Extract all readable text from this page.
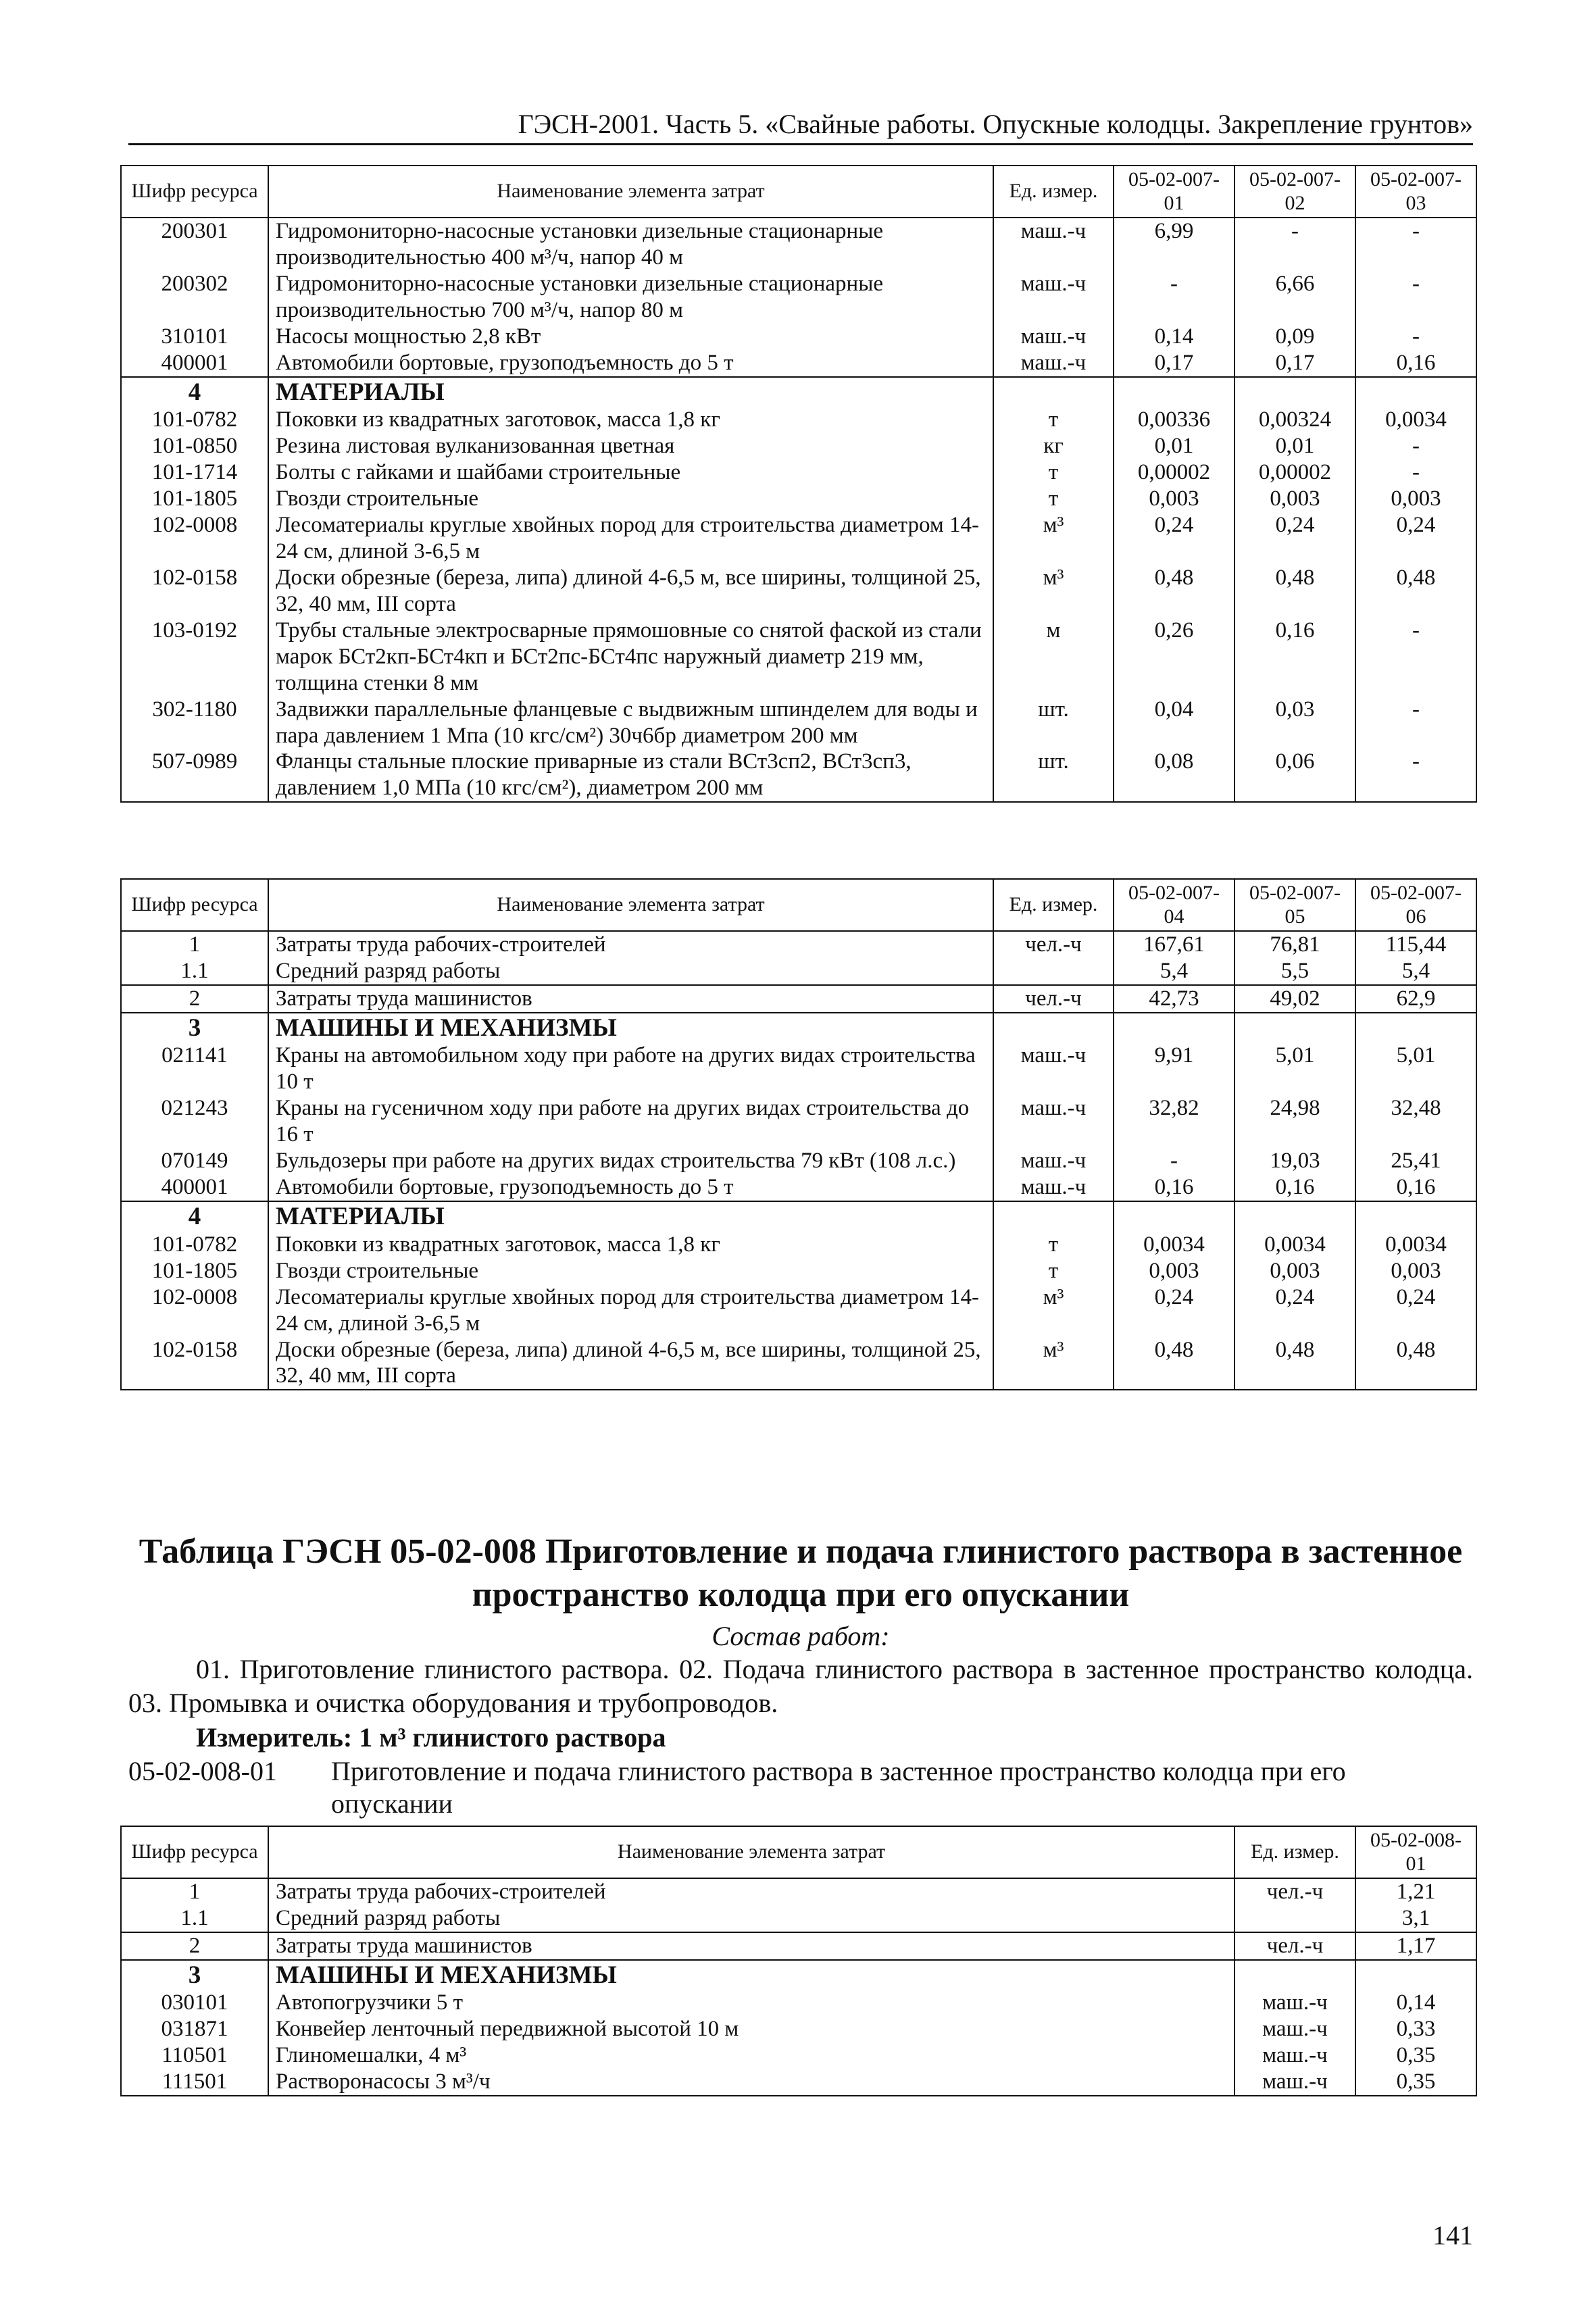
ГЭСН-2001. Часть 5. «Свайные работы. Опускные колодцы. Закрепление грунтов»
Шифр ресурса	Наименование элемента затрат	Ед. измер.	05-02-007-01	05-02-007-02	05-02-007-03
200301	Гидромониторно-насосные установки дизельные стационарные производительностью 400 м³/ч, напор 40 м	маш.-ч	6,99	-	-
200302	Гидромониторно-насосные установки дизельные стационарные производительностью 700 м³/ч, напор 80 м	маш.-ч	-	6,66	-
310101	Насосы мощностью 2,8 кВт	маш.-ч	0,14	0,09	-
400001	Автомобили бортовые, грузоподъемность до 5 т	маш.-ч	0,17	0,17	0,16
4	МАТЕРИАЛЫ				
101-0782	Поковки из квадратных заготовок, масса 1,8 кг	т	0,00336	0,00324	0,0034
101-0850	Резина листовая вулканизованная цветная	кг	0,01	0,01	-
101-1714	Болты с гайками и шайбами строительные	т	0,00002	0,00002	-
101-1805	Гвозди строительные	т	0,003	0,003	0,003
102-0008	Лесоматериалы круглые хвойных пород для строительства диаметром 14-24 см, длиной 3-6,5 м	м³	0,24	0,24	0,24
102-0158	Доски обрезные (береза, липа) длиной 4-6,5 м, все ширины, толщиной 25, 32, 40 мм, III сорта	м³	0,48	0,48	0,48
103-0192	Трубы стальные электросварные прямошовные со снятой фаской из стали марок БСт2кп-БСт4кп и БСт2пс-БСт4пс наружный диаметр 219 мм, толщина стенки 8 мм	м	0,26	0,16	-
302-1180	Задвижки параллельные фланцевые с выдвижным шпинделем для воды и пара давлением 1 Мпа (10 кгс/см²) 30ч6бр диаметром 200 мм	шт.	0,04	0,03	-
507-0989	Фланцы стальные плоские приварные из стали ВСт3сп2, ВСт3сп3, давлением 1,0 МПа (10 кгс/см²), диаметром 200 мм	шт.	0,08	0,06	-
Шифр ресурса	Наименование элемента затрат	Ед. измер.	05-02-007-04	05-02-007-05	05-02-007-06
1	Затраты труда рабочих-строителей	чел.-ч	167,61	76,81	115,44
1.1	Средний разряд работы		5,4	5,5	5,4
2	Затраты труда машинистов	чел.-ч	42,73	49,02	62,9
3	МАШИНЫ И МЕХАНИЗМЫ				
021141	Краны на автомобильном ходу при работе на других видах строительства 10 т	маш.-ч	9,91	5,01	5,01
021243	Краны на гусеничном ходу при работе на других видах строительства до 16 т	маш.-ч	32,82	24,98	32,48
070149	Бульдозеры при работе на других видах строительства 79 кВт (108 л.с.)	маш.-ч	-	19,03	25,41
400001	Автомобили бортовые, грузоподъемность до 5 т	маш.-ч	0,16	0,16	0,16
4	МАТЕРИАЛЫ				
101-0782	Поковки из квадратных заготовок, масса 1,8 кг	т	0,0034	0,0034	0,0034
101-1805	Гвозди строительные	т	0,003	0,003	0,003
102-0008	Лесоматериалы круглые хвойных пород для строительства диаметром 14-24 см, длиной 3-6,5 м	м³	0,24	0,24	0,24
102-0158	Доски обрезные (береза, липа) длиной 4-6,5 м, все ширины, толщиной 25, 32, 40 мм, III сорта	м³	0,48	0,48	0,48
Таблица ГЭСН 05-02-008 Приготовление и подача глинистого раствора в застенное пространство колодца при его опускании
Состав работ:
01. Приготовление глинистого раствора. 02. Подача глинистого раствора в застенное пространство колодца. 03. Промывка и очистка оборудования и трубопроводов.
Измеритель: 1 м³ глинистого раствора
05-02-008-01	Приготовление и подача глинистого раствора в застенное пространство колодца при его опускании
Шифр ресурса	Наименование элемента затрат	Ед. измер.	05-02-008-01
1	Затраты труда рабочих-строителей	чел.-ч	1,21
1.1	Средний разряд работы		3,1
2	Затраты труда машинистов	чел.-ч	1,17
3	МАШИНЫ И МЕХАНИЗМЫ		
030101	Автопогрузчики 5 т	маш.-ч	0,14
031871	Конвейер ленточный передвижной высотой 10 м	маш.-ч	0,33
110501	Глиномешалки, 4 м³	маш.-ч	0,35
111501	Растворонасосы 3 м³/ч	маш.-ч	0,35
141
